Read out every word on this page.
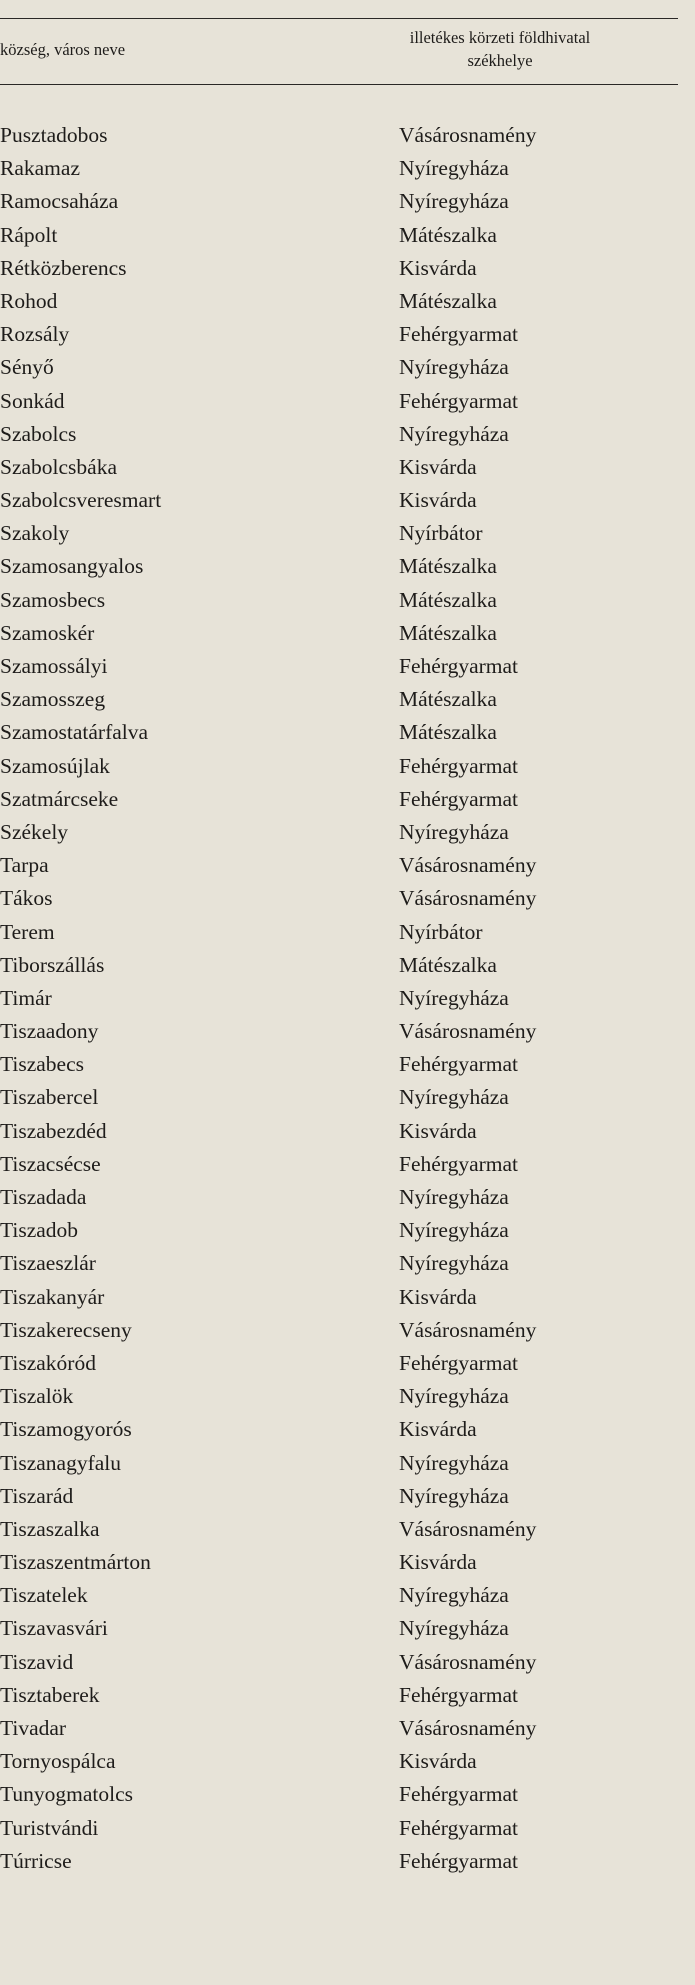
község, város neve
illetékes körzeti földhivatal
székhelye
Pusztadobos	Vásárosnamény
Rakamaz	Nyíregyháza
Ramocsaháza	Nyíregyháza
Rápolt	Mátészalka
Rétközberencs	Kisvárda
Rohod	Mátészalka
Rozsály	Fehérgyarmat
Sényő	Nyíregyháza
Sonkád	Fehérgyarmat
Szabolcs	Nyíregyháza
Szabolcsbáka	Kisvárda
Szabolcsveresmart	Kisvárda
Szakoly	Nyírbátor
Szamosangyalos	Mátészalka
Szamosbecs	Mátészalka
Szamoskér	Mátészalka
Szamossályi	Fehérgyarmat
Szamosszeg	Mátészalka
Szamostatárfalva	Mátészalka
Szamosújlak	Fehérgyarmat
Szatmárcseke	Fehérgyarmat
Székely	Nyíregyháza
Tarpa	Vásárosnamény
Tákos	Vásárosnamény
Terem	Nyírbátor
Tiborszállás	Mátészalka
Timár	Nyíregyháza
Tiszaadony	Vásárosnamény
Tiszabecs	Fehérgyarmat
Tiszabercel	Nyíregyháza
Tiszabezdéd	Kisvárda
Tiszacsécse	Fehérgyarmat
Tiszadada	Nyíregyháza
Tiszadob	Nyíregyháza
Tiszaeszlár	Nyíregyháza
Tiszakanyár	Kisvárda
Tiszakerecseny	Vásárosnamény
Tiszakóród	Fehérgyarmat
Tiszalök	Nyíregyháza
Tiszamogyorós	Kisvárda
Tiszanagyfalu	Nyíregyháza
Tiszarád	Nyíregyháza
Tiszaszalka	Vásárosnamény
Tiszaszentmárton	Kisvárda
Tiszatelek	Nyíregyháza
Tiszavasvári	Nyíregyháza
Tiszavid	Vásárosnamény
Tisztaberek	Fehérgyarmat
Tivadar	Vásárosnamény
Tornyospálca	Kisvárda
Tunyogmatolcs	Fehérgyarmat
Turistvándi	Fehérgyarmat
Túrricse	Fehérgyarmat
